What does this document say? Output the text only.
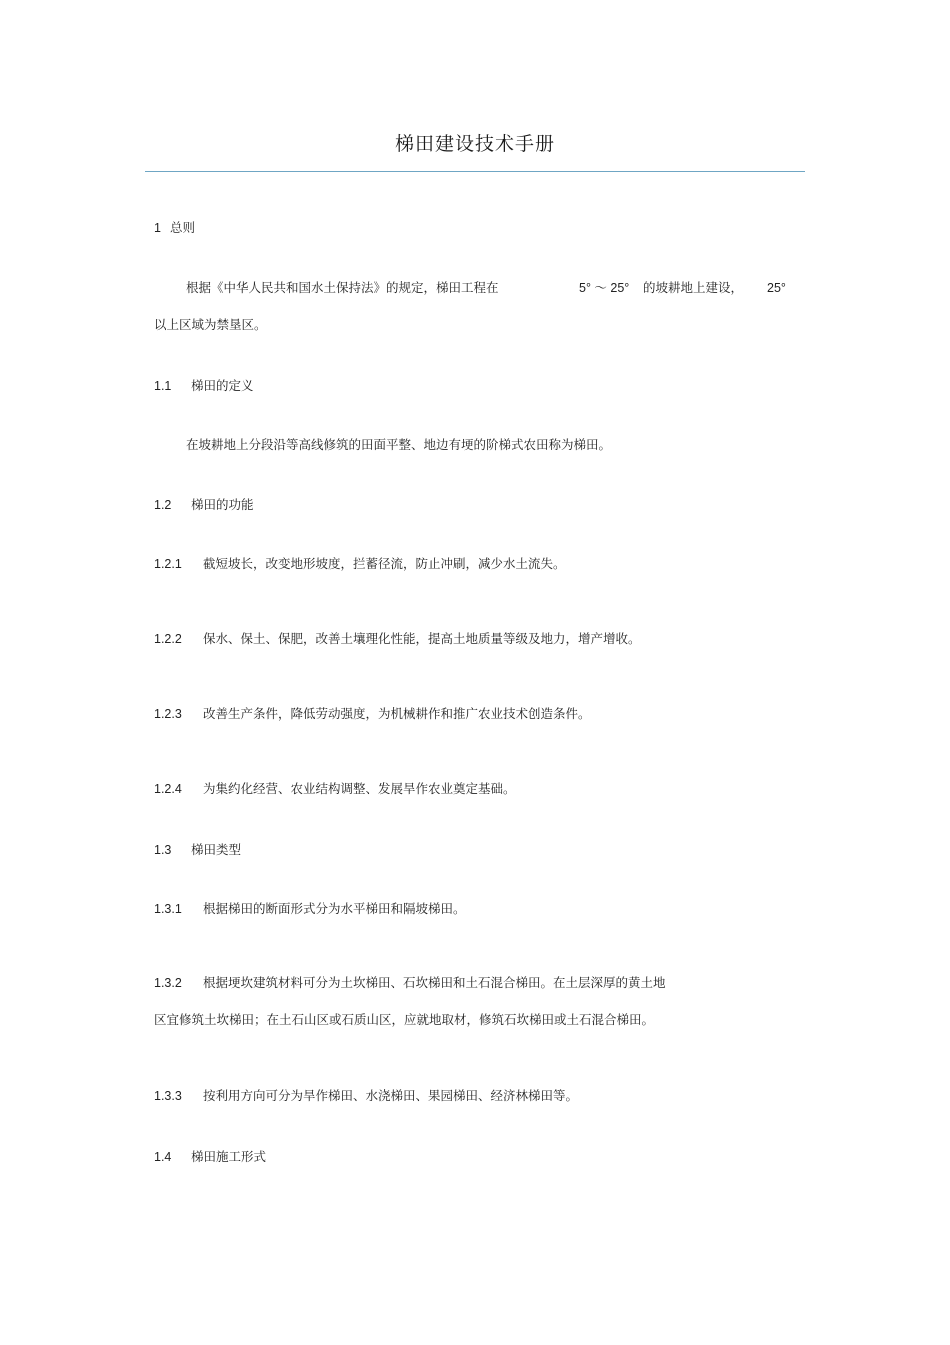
梯田建设技术手册
1 总则
根据《中华人民共和国水土保持法》的规定，梯田工程在	5° ～ 25° 的坡耕地上建设， 25°
以上区域为禁垦区。
1.1 梯田的定义
在坡耕地上分段沿等高线修筑的田面平整、地边有埂的阶梯式农田称为梯田。
1.2 梯田的功能
1.2.1 截短坡长，改变地形坡度，拦蓄径流，防止冲刷，减少水土流失。
1.2.2 保水、保土、保肥，改善土壤理化性能，提高土地质量等级及地力，增产增收。
1.2.3 改善生产条件，降低劳动强度，为机械耕作和推广农业技术创造条件。
1.2.4 为集约化经营、农业结构调整、发展旱作农业奠定基础。
1.3 梯田类型
1.3.1 根据梯田的断面形式分为水平梯田和隔坡梯田。
1.3.2 根据埂坎建筑材料可分为土坎梯田、石坎梯田和土石混合梯田。在土层深厚的黄土地
区宜修筑土坎梯田；在土石山区或石质山区，应就地取材，修筑石坎梯田或土石混合梯田。
1.3.3 按利用方向可分为旱作梯田、水浇梯田、果园梯田、经济林梯田等。
1.4 梯田施工形式
